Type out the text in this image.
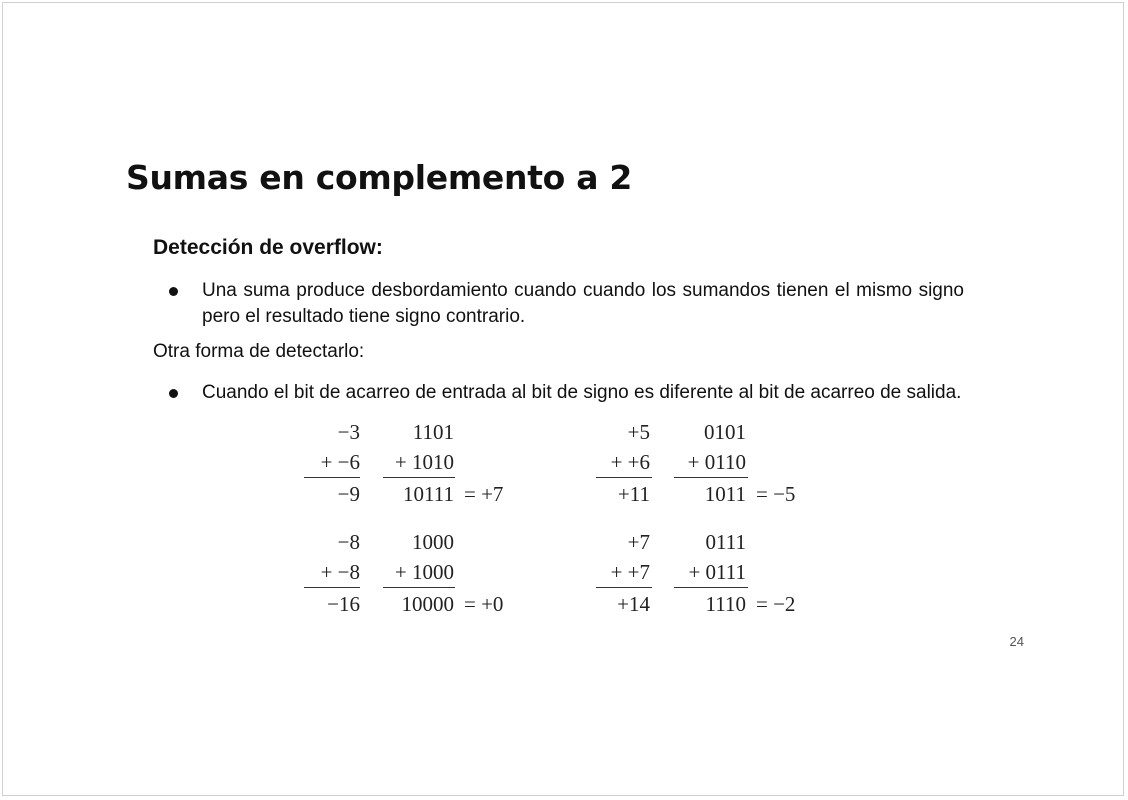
Sumas en complemento a 2
Detección de overflow:
Una suma produce desbordamiento cuando cuando los sumandos tienen el mismo signo pero el resultado tiene signo contrario.
Otra forma de detectarlo:
Cuando el bit de acarreo de entrada al bit de signo es diferente al bit de acarreo de salida.
−3
+ −6
−9
1101
+ 1010
10111 = +7
+5
+ +6
+11
0101
+ 0110
1011 = −5
−8
+ −8
−16
1000
+ 1000
10000 = +0
+7
+ +7
+14
0111
+ 0111
1110 = −2
24
